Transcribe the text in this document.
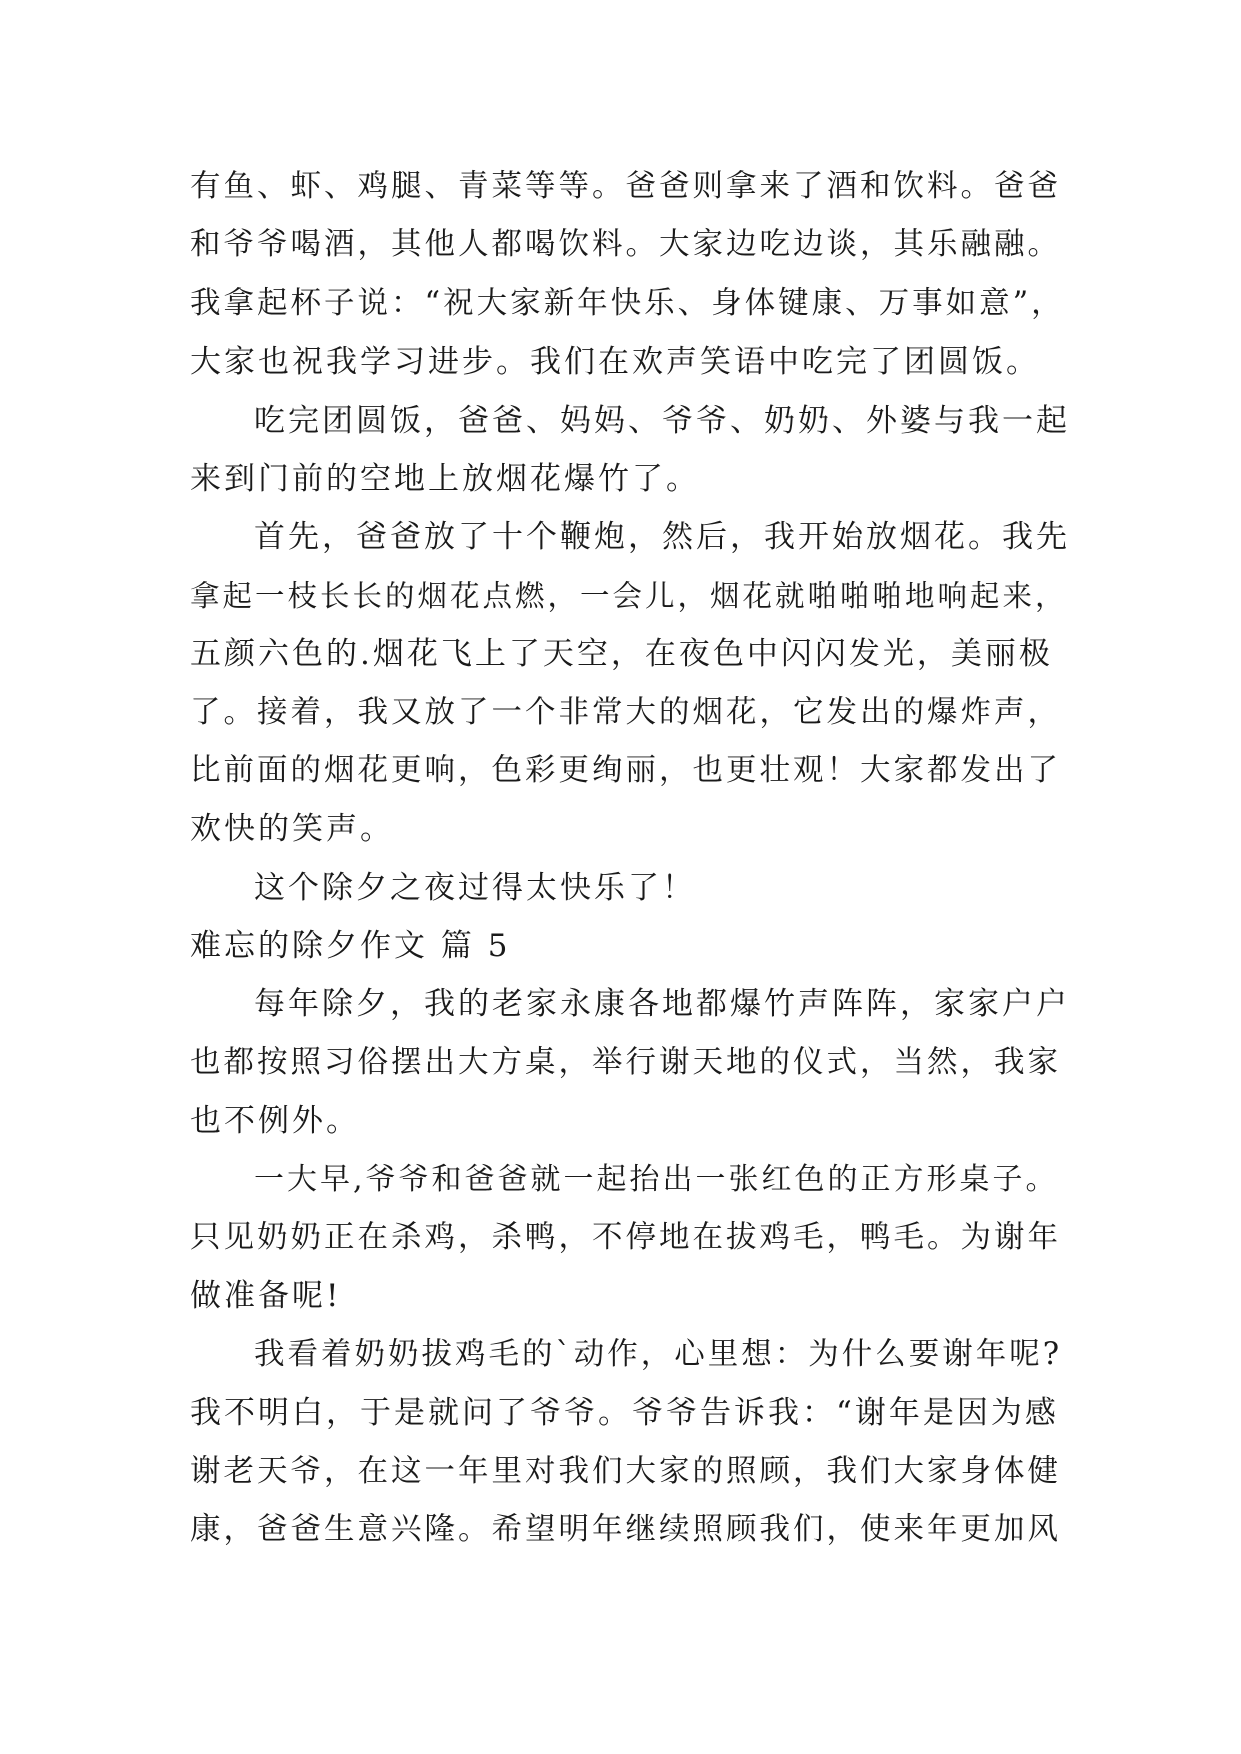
有鱼、虾、鸡腿、青菜等等。爸爸则拿来了酒和饮料。爸爸
和爷爷喝酒，其他人都喝饮料。大家边吃边谈，其乐融融。
我拿起杯子说：“祝大家新年快乐、身体键康、万事如意”，
大家也祝我学习进步。我们在欢声笑语中吃完了团圆饭。
吃完团圆饭，爸爸、妈妈、爷爷、奶奶、外婆与我一起
来到门前的空地上放烟花爆竹了。
首先，爸爸放了十个鞭炮，然后，我开始放烟花。我先
拿起一枝长长的烟花点燃，一会儿，烟花就啪啪啪地响起来，
五颜六色的.烟花飞上了天空，在夜色中闪闪发光，美丽极
了。接着，我又放了一个非常大的烟花，它发出的爆炸声，
比前面的烟花更响，色彩更绚丽，也更壮观！大家都发出了
欢快的笑声。
这个除夕之夜过得太快乐了！
难忘的除夕作文 篇 5
每年除夕，我的老家永康各地都爆竹声阵阵，家家户户
也都按照习俗摆出大方桌，举行谢天地的仪式，当然，我家
也不例外。
一大早,爷爷和爸爸就一起抬出一张红色的正方形桌子。
只见奶奶正在杀鸡，杀鸭，不停地在拔鸡毛，鸭毛。为谢年
做准备呢!
我看着奶奶拔鸡毛的`动作，心里想：为什么要谢年呢?
我不明白，于是就问了爷爷。爷爷告诉我：“谢年是因为感
谢老天爷，在这一年里对我们大家的照顾，我们大家身体健
康，爸爸生意兴隆。希望明年继续照顾我们，使来年更加风
